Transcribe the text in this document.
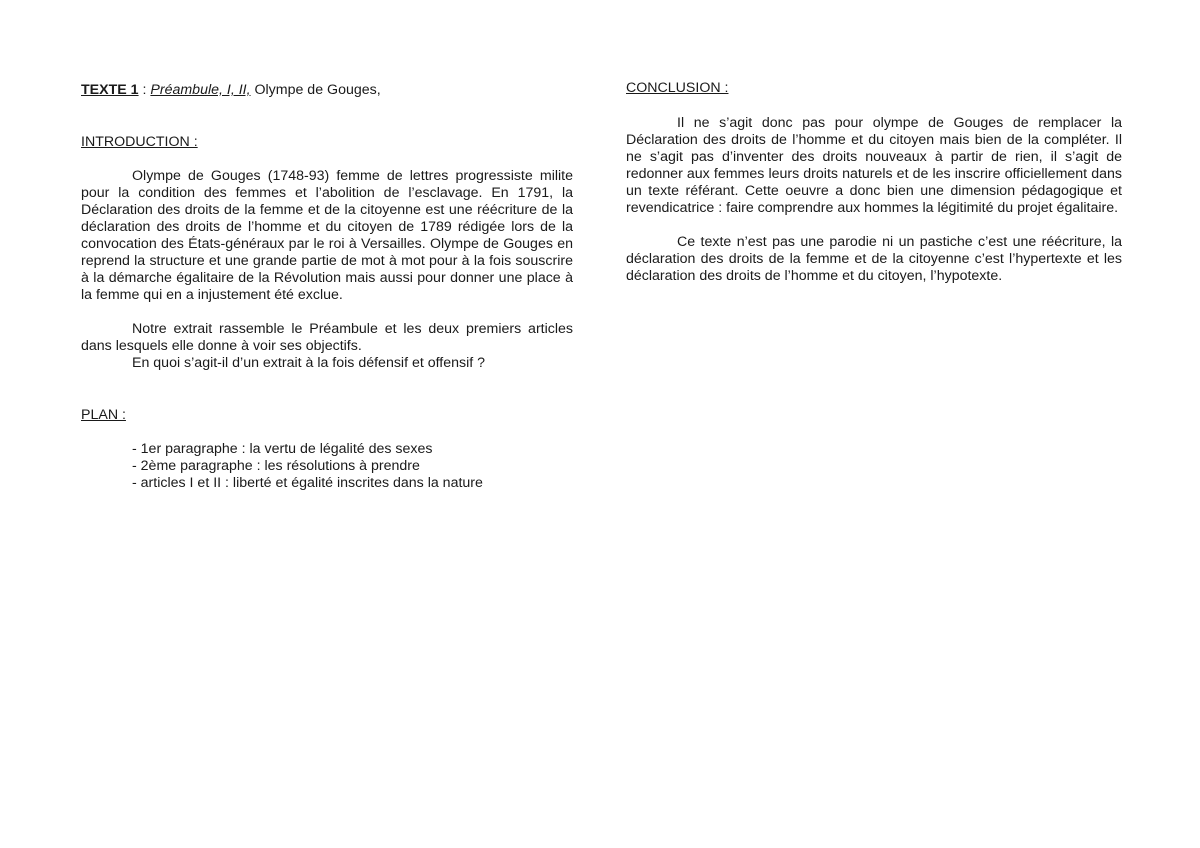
TEXTE 1 : Préambule, I, II, Olympe de Gouges,
INTRODUCTION :

Olympe de Gouges (1748-93) femme de lettres progressiste milite pour la condition des femmes et l’abolition de l’esclavage. En 1791, la Déclaration des droits de la femme et de la citoyenne est une réécriture de la déclaration des droits de l’homme et du citoyen de 1789 rédigée lors de la convocation des États-généraux par le roi à Versailles. Olympe de Gouges en reprend la structure et une grande partie de mot à mot pour à la fois souscrire à la démarche égalitaire de la Révolution mais aussi pour donner une place à la femme qui en a injustement été exclue.

Notre extrait rassemble le Préambule et les deux premiers articles dans lesquels elle donne à voir ses objectifs.

En quoi s’agit-il d’un extrait à la fois défensif et offensif ?

PLAN :
- 1er paragraphe : la vertu de légalité des sexes
- 2ème paragraphe : les résolutions à prendre
- articles I et II : liberté et égalité inscrites dans la nature
CONCLUSION :

Il ne s’agit donc pas pour olympe de Gouges de remplacer la Déclaration des droits de l’homme et du citoyen mais bien de la compléter. Il ne s’agit pas d’inventer des droits nouveaux à partir de rien, il s’agit de redonner aux femmes leurs droits naturels et de les inscrire officiellement dans un texte référant. Cette oeuvre a donc bien une dimension pédagogique et revendicatrice : faire comprendre aux hommes la légitimité du projet égalitaire.

Ce texte n’est pas une parodie ni un pastiche c’est une réécriture, la déclaration des droits de la femme et de la citoyenne c’est l’hypertexte et les déclaration des droits de l’homme et du citoyen, l’hypotexte.
